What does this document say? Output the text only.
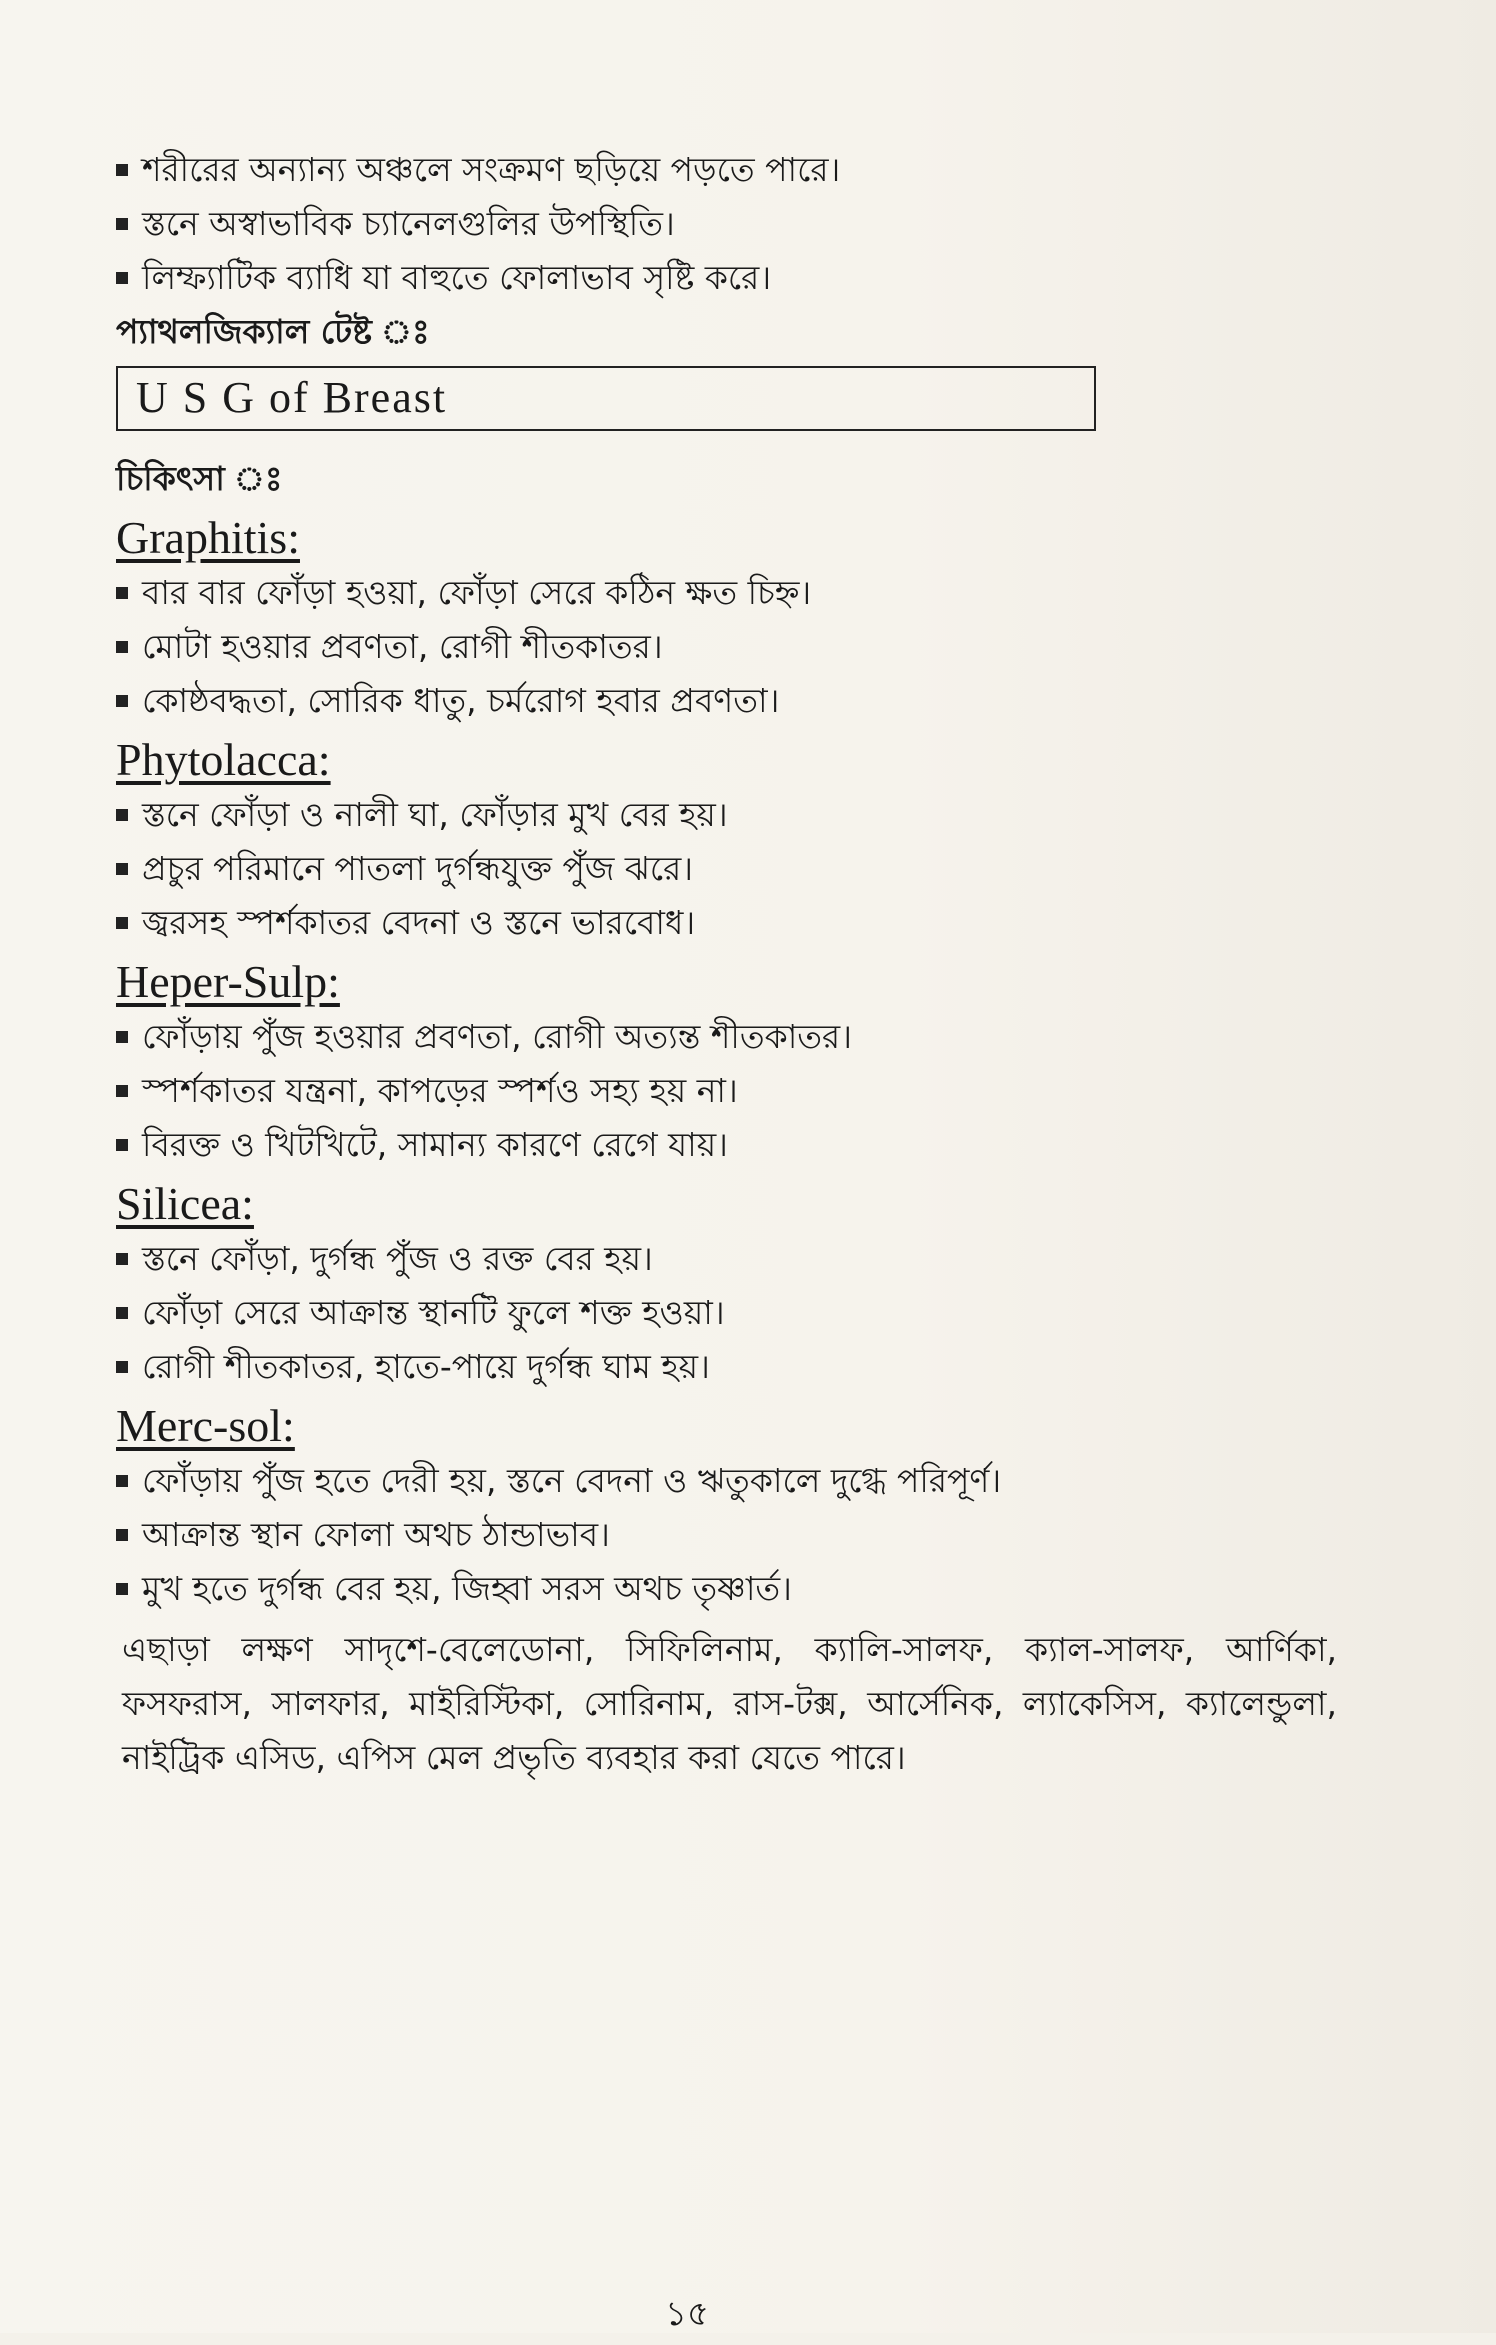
শরীরের অন্যান্য অঞ্চলে সংক্রমণ ছড়িয়ে পড়তে পারে।
স্তনে অস্বাভাবিক চ্যানেলগুলির উপস্থিতি।
লিম্ফ্যাটিক ব্যাধি যা বাহুতে ফোলাভাব সৃষ্টি করে।
প্যাথলজিক্যাল টেষ্ট ঃ
U S G of Breast
চিকিৎসা ঃ
Graphitis:
বার বার ফোঁড়া হওয়া, ফোঁড়া সেরে কঠিন ক্ষত চিহ্ন।
মোটা হওয়ার প্রবণতা, রোগী শীতকাতর।
কোষ্ঠবদ্ধতা, সোরিক ধাতু, চর্মরোগ হবার প্রবণতা।
Phytolacca:
স্তনে ফোঁড়া ও নালী ঘা, ফোঁড়ার মুখ বের হয়।
প্রচুর পরিমানে পাতলা দুর্গন্ধযুক্ত পুঁজ ঝরে।
জ্বরসহ স্পর্শকাতর বেদনা ও স্তনে ভারবোধ।
Heper-Sulp:
ফোঁড়ায় পুঁজ হওয়ার প্রবণতা, রোগী অত্যন্ত শীতকাতর।
স্পর্শকাতর যন্ত্রনা, কাপড়ের স্পর্শও সহ্য হয় না।
বিরক্ত ও খিটখিটে, সামান্য কারণে রেগে যায়।
Silicea:
স্তনে ফোঁড়া, দুর্গন্ধ পুঁজ ও রক্ত বের হয়।
ফোঁড়া সেরে আক্রান্ত স্থানটি ফুলে শক্ত হওয়া।
রোগী শীতকাতর, হাতে-পায়ে দুর্গন্ধ ঘাম হয়।
Merc-sol:
ফোঁড়ায় পুঁজ হতে দেরী হয়, স্তনে বেদনা ও ঋতুকালে দুগ্ধে পরিপূর্ণ।
আক্রান্ত স্থান ফোলা অথচ ঠান্ডাভাব।
মুখ হতে দুর্গন্ধ বের হয়, জিহ্বা সরস অথচ তৃষ্ণার্ত।
এছাড়া লক্ষণ সাদৃশে-বেলেডোনা, সিফিলিনাম, ক্যালি-সালফ, ক্যাল-সালফ, আর্ণিকা, ফসফরাস, সালফার, মাইরিস্টিকা, সোরিনাম, রাস-টক্স, আর্সেনিক, ল্যাকেসিস, ক্যালেন্ডুলা, নাইট্রিক এসিড, এপিস মেল প্রভৃতি ব্যবহার করা যেতে পারে।
১৫
